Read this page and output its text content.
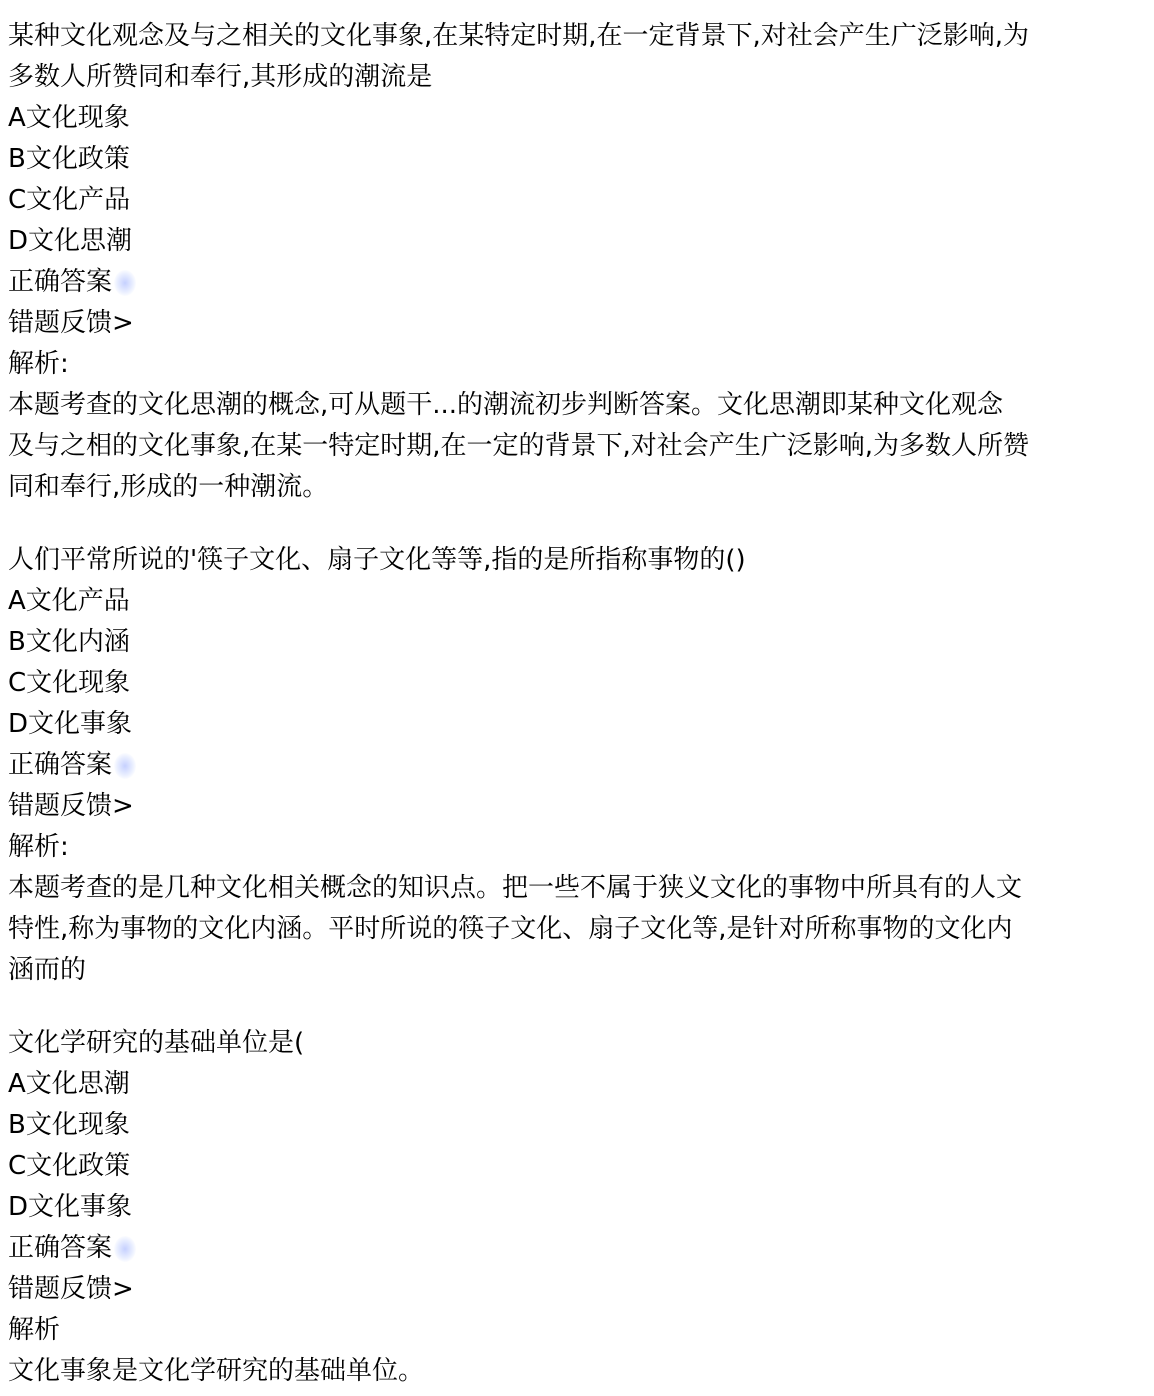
某种文化观念及与之相关的文化事象,在某特定时期,在一定背景下,对社会产生广泛影响,为
多数人所赞同和奉行,其形成的潮流是
A文化现象
B文化政策
C文化产品
D文化思潮
正确答案
错题反馈>
解析:
本题考查的文化思潮的概念,可从题干...的潮流初步判断答案。文化思潮即某种文化观念
及与之相的文化事象,在某一特定时期,在一定的背景下,对社会产生广泛影响,为多数人所赞
同和奉行,形成的一种潮流。
人们平常所说的'筷子文化、扇子文化等等,指的是所指称事物的()
A文化产品
B文化内涵
C文化现象
D文化事象
正确答案
错题反馈>
解析:
本题考查的是几种文化相关概念的知识点。把一些不属于狭义文化的事物中所具有的人文
特性,称为事物的文化内涵。平时所说的筷子文化、扇子文化等,是针对所称事物的文化内
涵而的
文化学研究的基础单位是(
A文化思潮
B文化现象
C文化政策
D文化事象
正确答案
错题反馈>
解析
文化事象是文化学研究的基础单位。
